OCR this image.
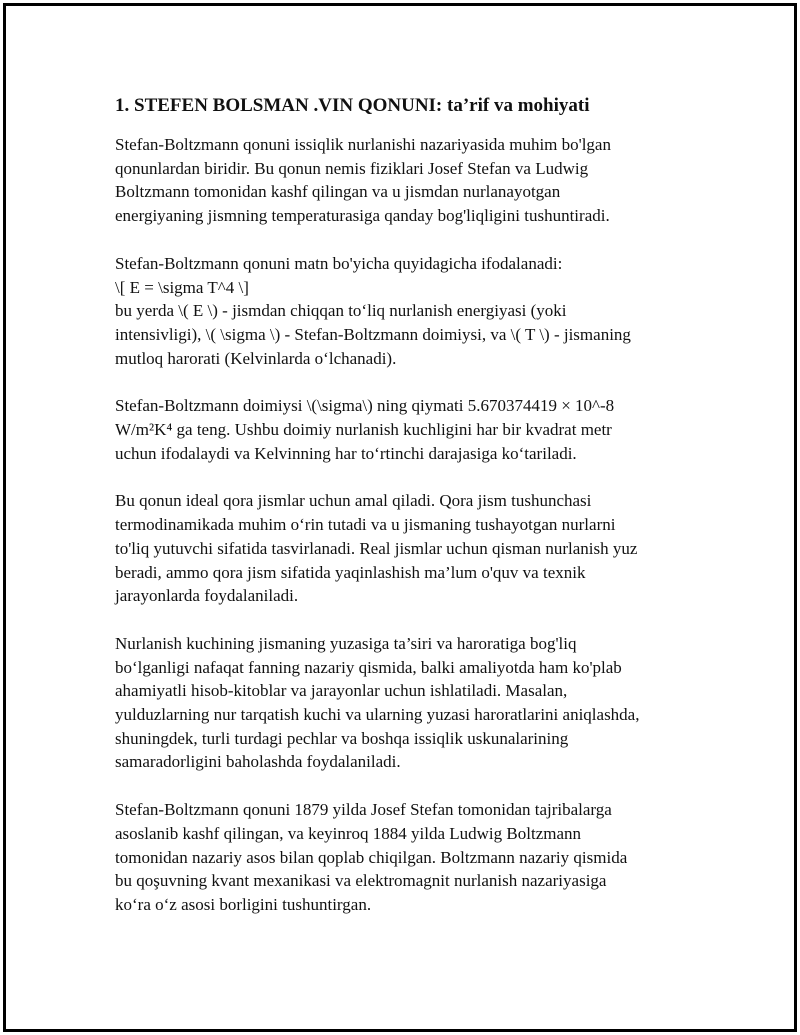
1. STEFEN BOLSMAN .VIN QONUNI: ta’rif va mohiyati

Stefan-Boltzmann qonuni issiqlik nurlanishi nazariyasida muhim bo'lgan
qonunlardan biridir. Bu qonun nemis fiziklari Josef Stefan va Ludwig
Boltzmann tomonidan kashf qilingan va u jismdan nurlanayotgan
energiyaning jismning temperaturasiga qanday bog'liqligini tushuntiradi.

Stefan-Boltzmann qonuni matn bo'yicha quyidagicha ifodalanadi:
\[ E = \sigma T^4 \]
bu yerda \( E \) - jismdan chiqqan to‘liq nurlanish energiyasi (yoki
intensivligi), \( \sigma \) - Stefan-Boltzmann doimiysi, va \( T \) - jismaning
mutloq harorati (Kelvinlarda o‘lchanadi).

Stefan-Boltzmann doimiysi \(\sigma\) ning qiymati 5.670374419 × 10^-8
W/m²K⁴ ga teng. Ushbu doimiy nurlanish kuchligini har bir kvadrat metr
uchun ifodalaydi va Kelvinning har to‘rtinchi darajasiga ko‘tariladi.

Bu qonun ideal qora jismlar uchun amal qiladi. Qora jism tushunchasi
termodinamikada muhim o‘rin tutadi va u jismaning tushayotgan nurlarni
to'liq yutuvchi sifatida tasvirlanadi. Real jismlar uchun qisman nurlanish yuz
beradi, ammo qora jism sifatida yaqinlashish ma’lum o'quv va texnik
jarayonlarda foydalaniladi.

Nurlanish kuchining jismaning yuzasiga ta’siri va haroratiga bog'liq
bo‘lganligi nafaqat fanning nazariy qismida, balki amaliyotda ham ko'plab
ahamiyatli hisob-kitoblar va jarayonlar uchun ishlatiladi. Masalan,
yulduzlarning nur tarqatish kuchi va ularning yuzasi haroratlarini aniqlashda,
shuningdek, turli turdagi pechlar va boshqa issiqlik uskunalarining
samaradorligini baholashda foydalaniladi.

Stefan-Boltzmann qonuni 1879 yilda Josef Stefan tomonidan tajribalarga
asoslanib kashf qilingan, va keyinroq 1884 yilda Ludwig Boltzmann
tomonidan nazariy asos bilan qoplab chiqilgan. Boltzmann nazariy qismida
bu qoşuvning kvant mexanikasi va elektromagnit nurlanish nazariyasiga
ko‘ra o‘z asosi borligini tushuntirgan.
